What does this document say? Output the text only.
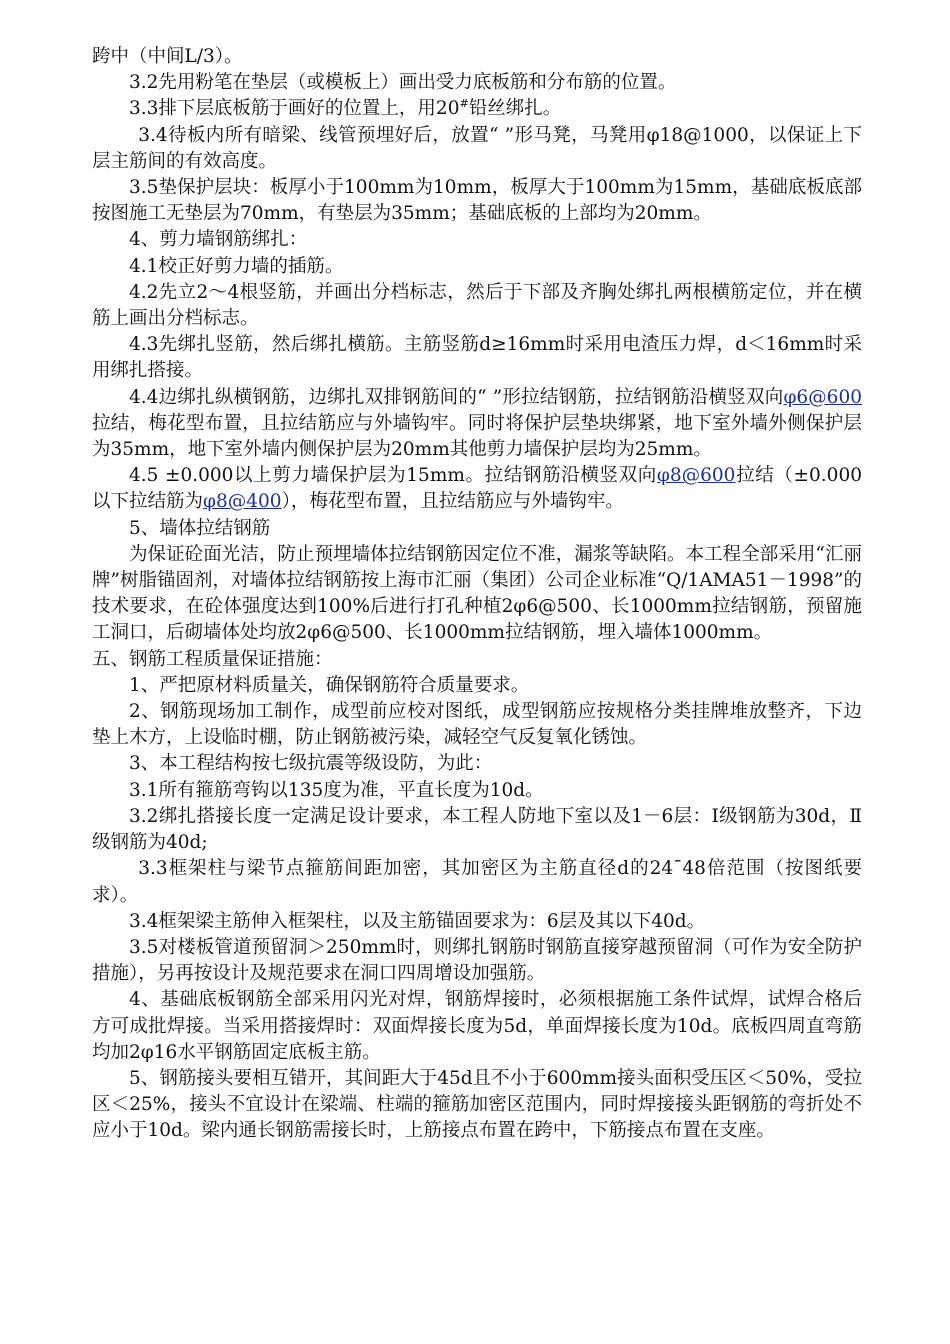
跨中（中间L/3）。

3.2先用粉笔在垫层（或模板上）画出受力底板筋和分布筋的位置。

3.3排下层底板筋于画好的位置上，用20#铅丝绑扎。

3.4待板内所有暗梁、线管预埋好后，放置“ ”形马凳，马凳用φ18@1000，以保证上下层主筋间的有效高度。

3.5垫保护层块：板厚小于100mm为10mm，板厚大于100mm为15mm，基础底板底部按图施工无垫层为70mm，有垫层为35mm；基础底板的上部均为20mm。

4、剪力墙钢筋绑扎：

4.1校正好剪力墙的插筋。

4.2先立2～4根竖筋，并画出分档标志，然后于下部及齐胸处绑扎两根横筋定位，并在横筋上画出分档标志。

4.3先绑扎竖筋，然后绑扎横筋。主筋竖筋d≥16mm时采用电渣压力焊，d＜16mm时采用绑扎搭接。

4.4边绑扎纵横钢筋，边绑扎双排钢筋间的“ ”形拉结钢筋，拉结钢筋沿横竖双向φ6@600拉结，梅花型布置，且拉结筋应与外墙钩牢。同时将保护层垫块绑紧，地下室外墙外侧保护层为35mm，地下室外墙内侧保护层为20mm其他剪力墙保护层均为25mm。

4.5 ±0.000以上剪力墙保护层为15mm。拉结钢筋沿横竖双向φ8@600拉结（±0.000以下拉结筋为φ8@400），梅花型布置，且拉结筋应与外墙钩牢。

5、墙体拉结钢筋

为保证砼面光洁，防止预埋墙体拉结钢筋因定位不准，漏浆等缺陷。本工程全部采用“汇丽牌”树脂锚固剂，对墙体拉结钢筋按上海市汇丽（集团）公司企业标准“Q/1AMA51－1998”的技术要求，在砼体强度达到100%后进行打孔种植2φ6@500、长1000mm拉结钢筋，预留施工洞口，后砌墙体处均放2φ6@500、长1000mm拉结钢筋，埋入墙体1000mm。

五、钢筋工程质量保证措施：

1、严把原材料质量关，确保钢筋符合质量要求。

2、钢筋现场加工制作，成型前应校对图纸，成型钢筋应按规格分类挂牌堆放整齐，下边垫上木方，上设临时棚，防止钢筋被污染，减轻空气反复氧化锈蚀。

3、本工程结构按七级抗震等级设防，为此：

3.1所有箍筋弯钩以135度为准，平直长度为10d。

3.2绑扎搭接长度一定满足设计要求，本工程人防地下室以及1－6层：Ⅰ级钢筋为30d，Ⅱ级钢筋为40d;

3.3框架柱与梁节点箍筋间距加密，其加密区为主筋直径d的24¯48倍范围（按图纸要求）。

3.4框架梁主筋伸入框架柱，以及主筋锚固要求为：6层及其以下40d。

3.5对楼板管道预留洞＞250mm时，则绑扎钢筋时钢筋直接穿越预留洞（可作为安全防护措施），另再按设计及规范要求在洞口四周增设加强筋。

4、基础底板钢筋全部采用闪光对焊，钢筋焊接时，必须根据施工条件试焊，试焊合格后方可成批焊接。当采用搭接焊时：双面焊接长度为5d，单面焊接长度为10d。底板四周直弯筋均加2φ16水平钢筋固定底板主筋。

5、钢筋接头要相互错开，其间距大于45d且不小于600mm接头面积受压区＜50%，受拉区＜25%，接头不宜设计在梁端、柱端的箍筋加密区范围内，同时焊接接头距钢筋的弯折处不应小于10d。梁内通长钢筋需接长时，上筋接点布置在跨中，下筋接点布置在支座。
